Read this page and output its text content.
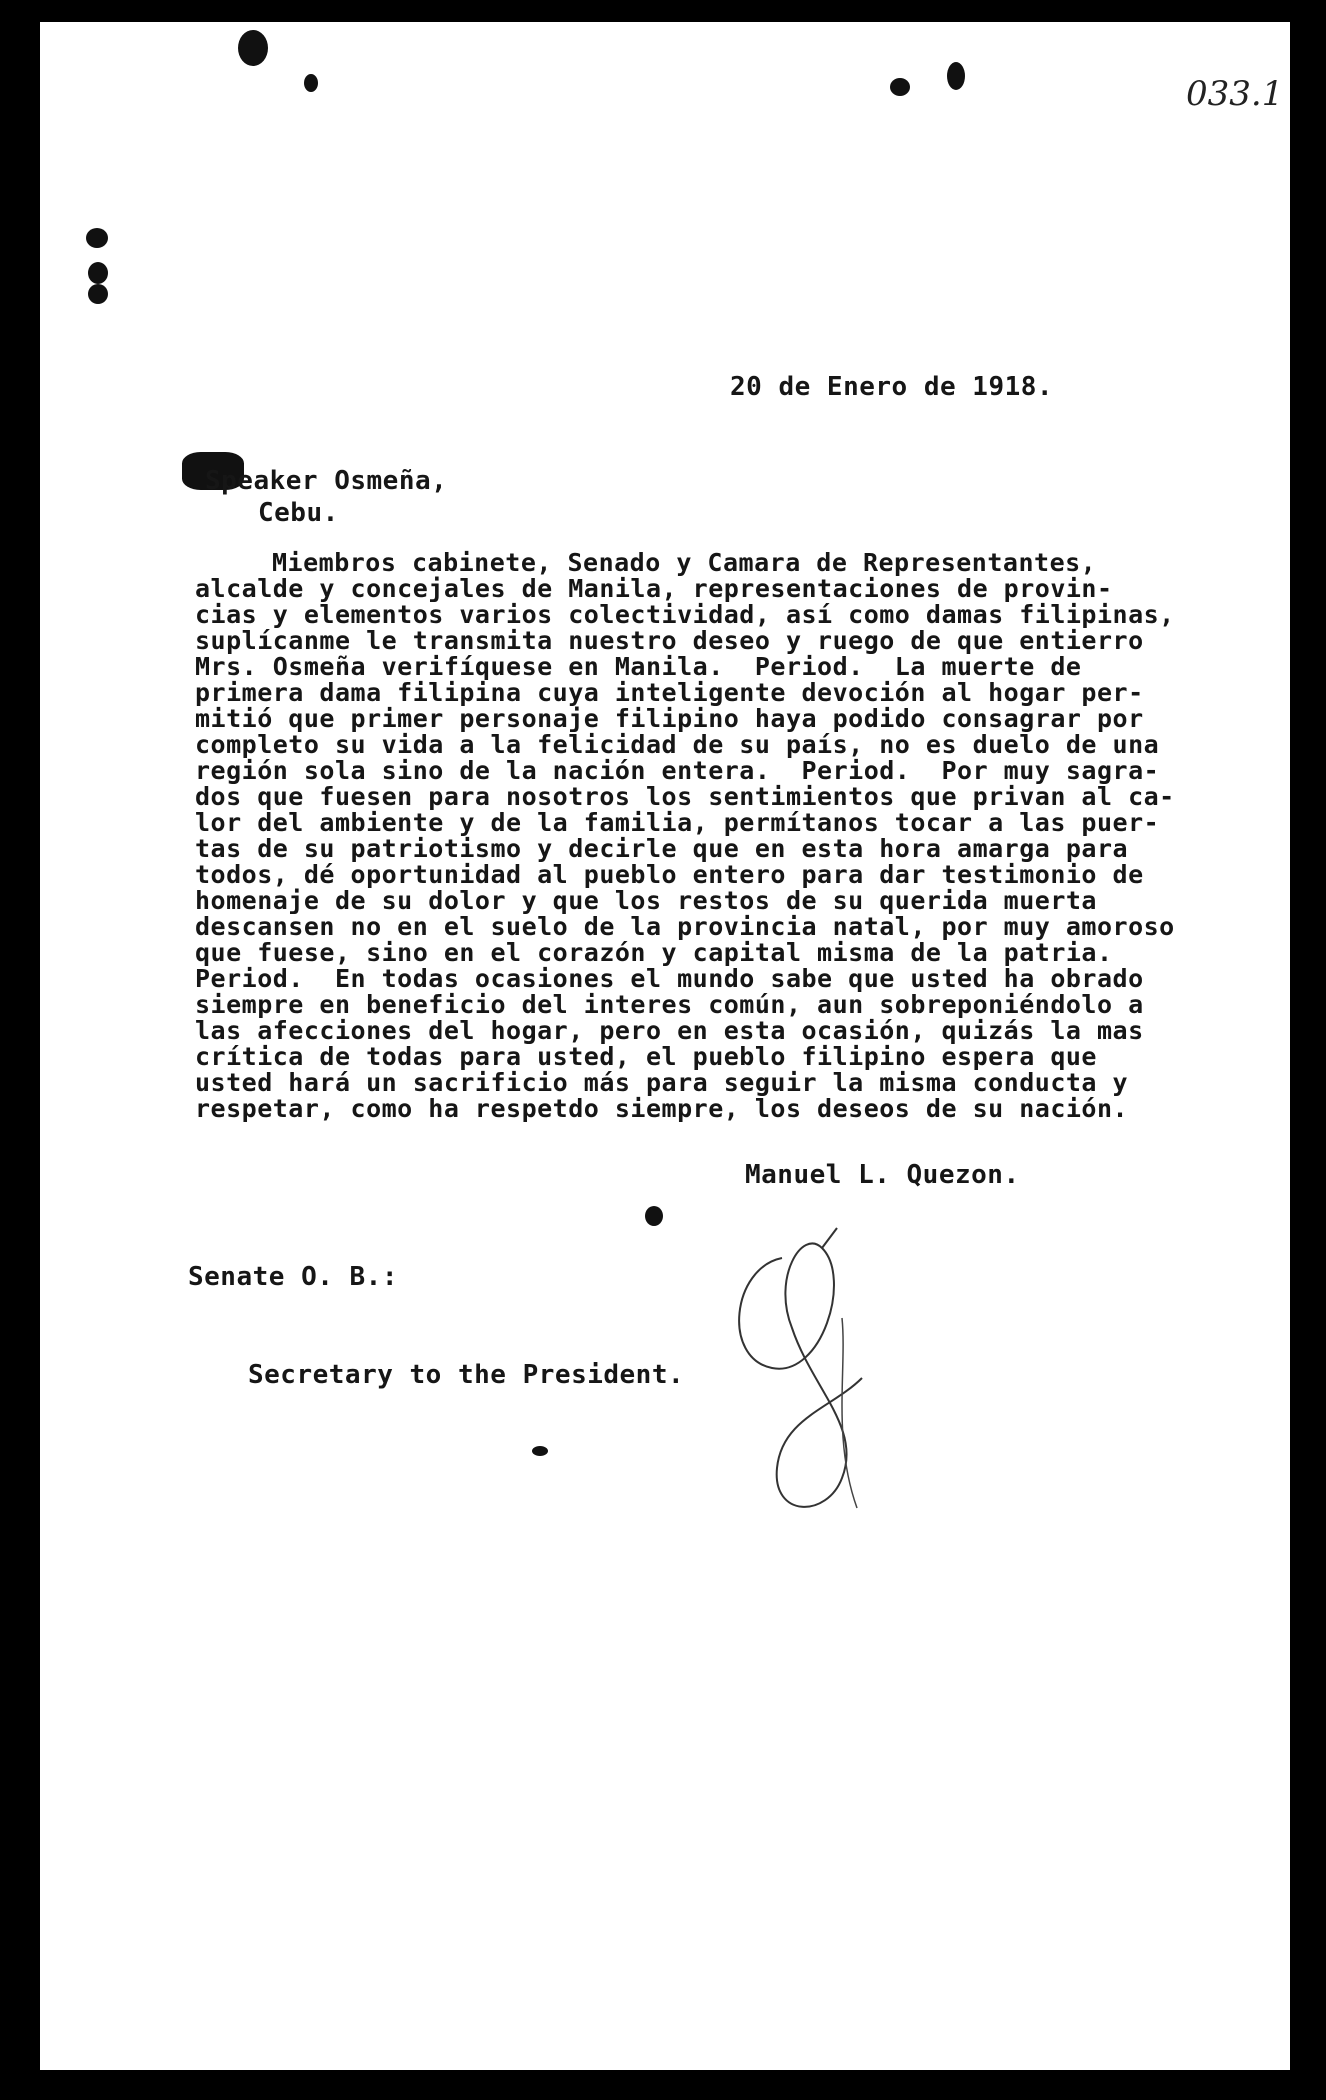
033.1
20 de Enero de 1918.
Speaker Osmeña,
Cebu.
Miembros cabinete, Senado y Camara de Representantes,
alcalde y concejales de Manila, representaciones de provin-
cias y elementos varios colectividad, así como damas filipinas,
suplícanme le transmita nuestro deseo y ruego de que entierro
Mrs. Osmeña verifíquese en Manila.  Period.  La muerte de
primera dama filipina cuya inteligente devoción al hogar per-
mitió que primer personaje filipino haya podido consagrar por
completo su vida a la felicidad de su país, no es duelo de una
región sola sino de la nación entera.  Period.  Por muy sagra-
dos que fuesen para nosotros los sentimientos que privan al ca-
lor del ambiente y de la familia, permítanos tocar a las puer-
tas de su patriotismo y decirle que en esta hora amarga para
todos, dé oportunidad al pueblo entero para dar testimonio de
homenaje de su dolor y que los restos de su querida muerta
descansen no en el suelo de la provincia natal, por muy amoroso
que fuese, sino en el corazón y capital misma de la patria.
Period.  En todas ocasiones el mundo sabe que usted ha obrado
siempre en beneficio del interes común, aun sobreponiéndolo a
las afecciones del hogar, pero en esta ocasión, quizás la mas
crítica de todas para usted, el pueblo filipino espera que
usted hará un sacrificio más para seguir la misma conducta y
respetar, como ha respetdo siempre, los deseos de su nación.
Manuel L. Quezon.
Senate O. B.:
Secretary to the President.
